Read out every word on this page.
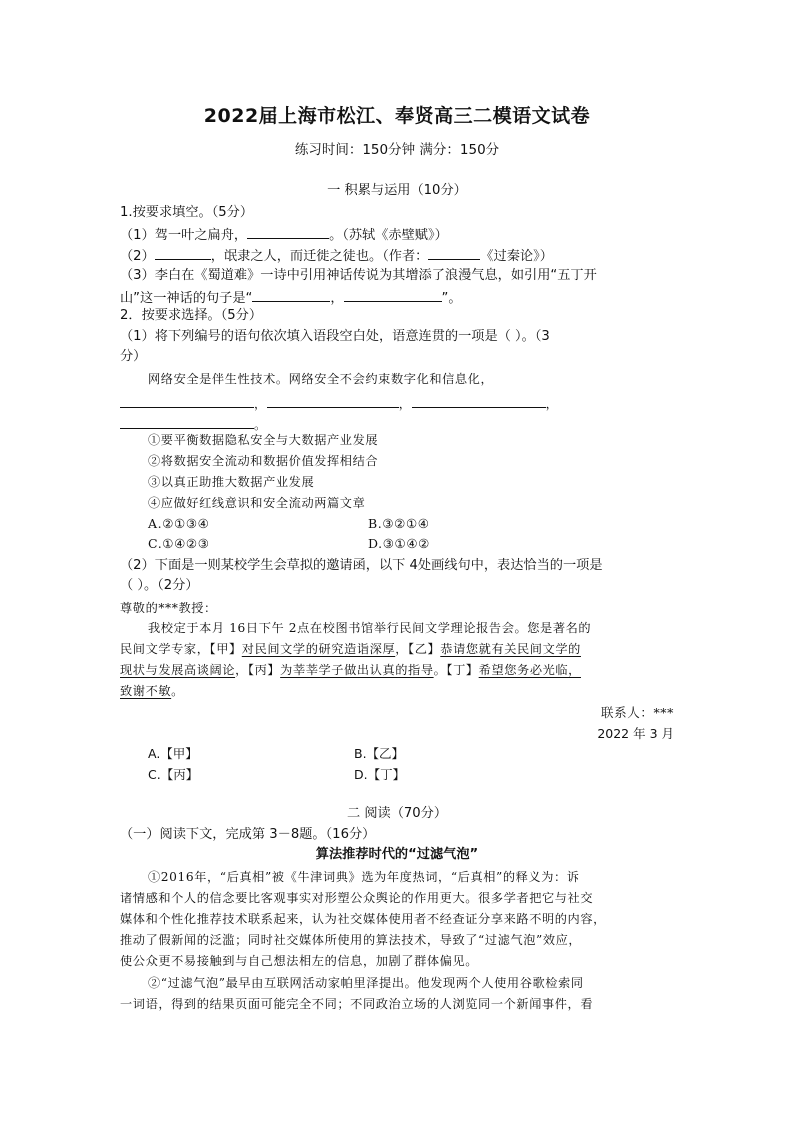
2022届上海市松江、奉贤高三二模语文试卷
练习时间：150分钟 满分：150分
一 积累与运用（10分）
1.按要求填空。（5分）
（1）驾一叶之扁舟，	。（苏轼《赤壁赋》）
（2）	，氓隶之人，而迁徙之徒也。（作者：	《过秦论》）
（3）李白在《蜀道难》一诗中引用神话传说为其增添了浪漫气息，如引用“五丁开
山”这一神话的句子是“	，	”。
2．按要求选择。（5分）
（1）将下列编号的语句依次填入语段空白处，语意连贯的一项是（ ）。（3
分）
网络安全是伴生性技术。网络安全不会约束数字化和信息化，
，	，	，
。
①要平衡数据隐私安全与大数据产业发展
②将数据安全流动和数据价值发挥相结合
③以真正助推大数据产业发展
④应做好红线意识和安全流动两篇文章
A.②①③④	B.③②①④
C.①④②③	D.③①④②
（2）下面是一则某校学生会草拟的邀请函，以下 4处画线句中，表达恰当的一项是
（ ）。（2分）
尊敬的***教授：
我校定于本月 16日下午 2点在校图书馆举行民间文学理论报告会。您是著名的
民间文学专家，【甲】对民间文学的研究造诣深厚，【乙】恭请您就有关民间文学的
现状与发展高谈阔论，【丙】为莘莘学子做出认真的指导。【丁】希望您务必光临，
致谢不敏。
联系人：***
2022 年 3 月
A.【甲】	B.【乙】
C.【丙】	D.【丁】
二 阅读（70分）
（一）阅读下文，完成第 3－8题。（16分）
算法推荐时代的“过滤气泡”
①2016年，“后真相”被《牛津词典》选为年度热词，“后真相”的释义为：诉
诸情感和个人的信念要比客观事实对形塑公众舆论的作用更大。很多学者把它与社交
媒体和个性化推荐技术联系起来，认为社交媒体使用者不经查证分享来路不明的内容，
推动了假新闻的泛滥；同时社交媒体所使用的算法技术，导致了“过滤气泡”效应，
使公众更不易接触到与自己想法相左的信息，加剧了群体偏见。
②“过滤气泡”最早由互联网活动家帕里泽提出。他发现两个人使用谷歌检索同
一词语，得到的结果页面可能完全不同；不同政治立场的人浏览同一个新闻事件，看
